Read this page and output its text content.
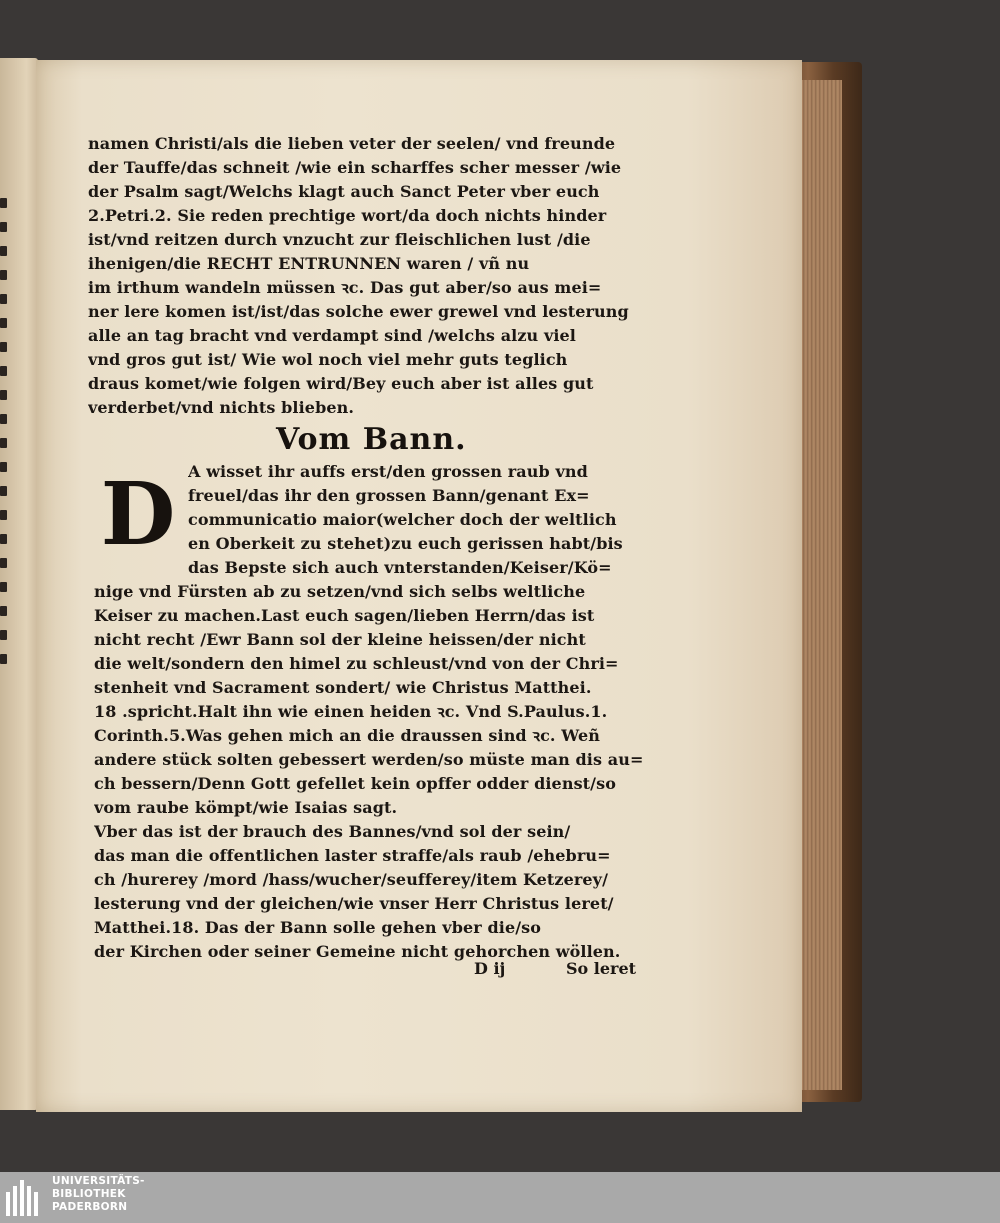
namen Christi/als die lieben veter der seelen/ vnd freunde
der Tauffe/das schneit /wie ein scharffes scher messer /wie
der Psalm sagt/Welchs klagt auch Sanct Peter vber euch
2.Petri.2. Sie reden prechtige wort/da doch nichts hinder
ist/vnd reitzen durch vnzucht zur fleischlichen lust /die
ihenigen/die RECHT ENTRUNNEN waren / vñ nu
im irthum wandeln müssen ꝛc. Das gut aber/so aus mei=
ner lere komen ist/ist/das solche ewer grewel vnd lesterung
alle an tag bracht vnd verdampt sind /welchs alzu viel
vnd gros gut ist/ Wie wol noch viel mehr guts teglich
draus komet/wie folgen wird/Bey euch aber ist alles gut
verderbet/vnd nichts blieben.
Vom Bann.
D A wisset ihr auffs erst/den grossen raub vnd
freuel/das ihr den grossen Bann/genant Ex=
communicatio maior(welcher doch der weltlich
en Oberkeit zu stehet)zu euch gerissen habt/bis
das Bepste sich auch vnterstanden/Keiser/Kö=
nige vnd Fürsten ab zu setzen/vnd sich selbs weltliche
Keiser zu machen.Last euch sagen/lieben Herrn/das ist
nicht recht /Ewr Bann sol der kleine heissen/der nicht
die welt/sondern den himel zu schleust/vnd von der Chri=
stenheit vnd Sacrament sondert/ wie Christus Matthei.
18 .spricht.Halt ihn wie einen heiden ꝛc. Vnd S.Paulus.1.
Corinth.5.Was gehen mich an die draussen sind ꝛc. Weñ
andere stück solten gebessert werden/so müste man dis au=
ch bessern/Denn Gott gefellet kein opffer odder dienst/so
vom raube kömpt/wie Isaias sagt.
Vber das ist der brauch des Bannes/vnd sol der sein/
das man die offentlichen laster straffe/als raub /ehebru=
ch /hurerey /mord /hass/wucher/seufferey/item Ketzerey/
lesterung vnd der gleichen/wie vnser Herr Christus leret/
Matthei.18. Das der Bann solle gehen vber die/so
der Kirchen oder seiner Gemeine nicht gehorchen wöllen.
D ij	So leret
UNIVERSITÄTS-
BIBLIOTHEK
PADERBORN
